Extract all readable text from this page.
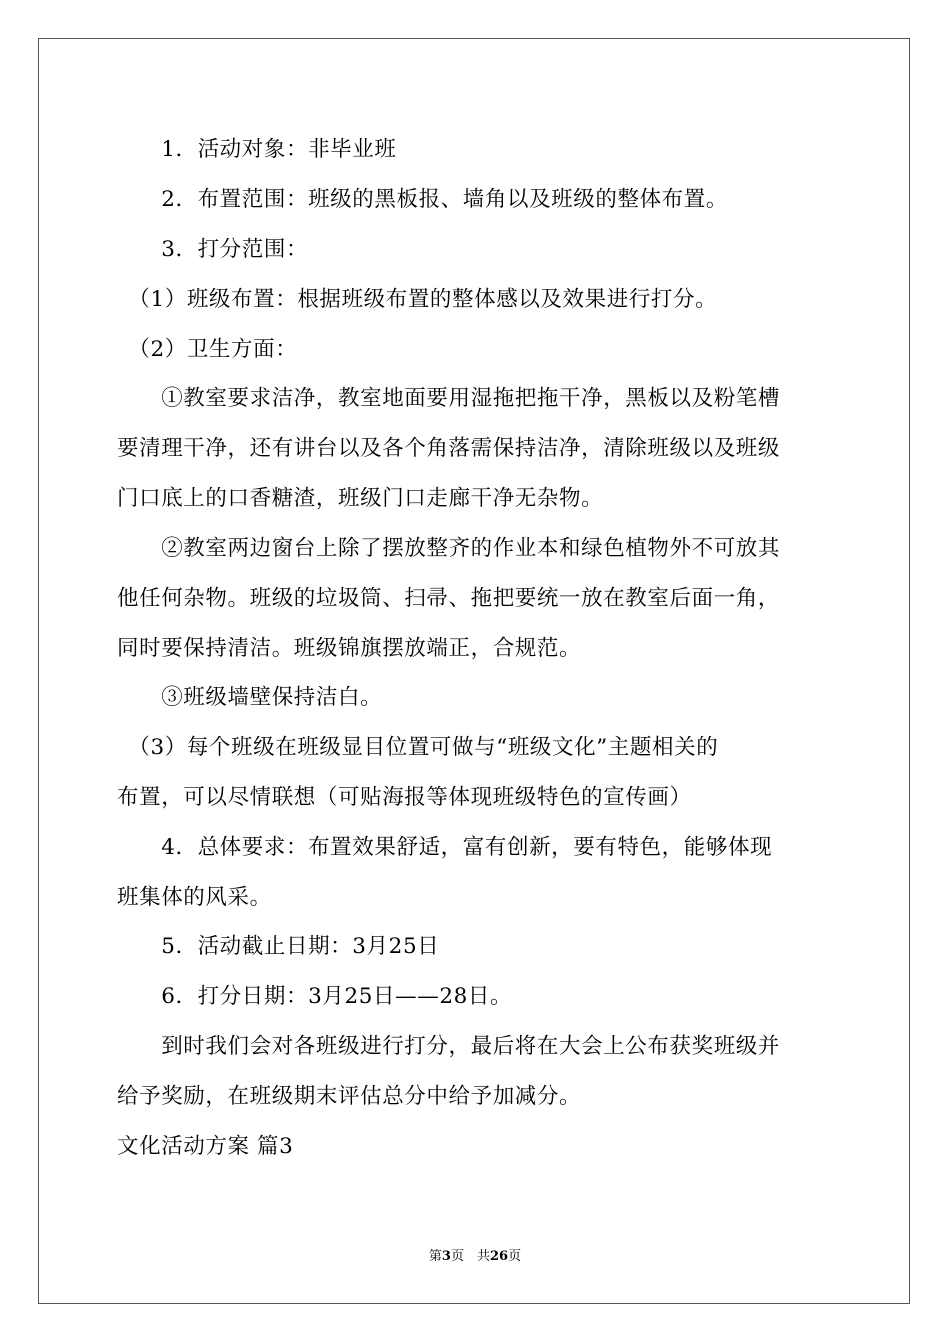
　　1．活动对象：非毕业班
　　2．布置范围：班级的黑板报、墙角以及班级的整体布置。
　　3．打分范围：
　（1）班级布置：根据班级布置的整体感以及效果进行打分。
　（2）卫生方面：
　　①教室要求洁净，教室地面要用湿拖把拖干净，黑板以及粉笔槽
要清理干净，还有讲台以及各个角落需保持洁净，清除班级以及班级
门口底上的口香糖渣，班级门口走廊干净无杂物。
　　②教室两边窗台上除了摆放整齐的作业本和绿色植物外不可放其
他任何杂物。班级的垃圾筒、扫帚、拖把要统一放在教室后面一角，
同时要保持清洁。班级锦旗摆放端正，合规范。
　　③班级墙壁保持洁白。
　（3）每个班级在班级显目位置可做与“班级文化”主题相关的
布置，可以尽情联想（可贴海报等体现班级特色的宣传画）
　　4．总体要求：布置效果舒适，富有创新，要有特色，能够体现
班集体的风采。
　　5．活动截止日期：3月25日
　　6．打分日期：3月25日——28日。
　　到时我们会对各班级进行打分，最后将在大会上公布获奖班级并
给予奖励，在班级期末评估总分中给予加减分。
文化活动方案 篇3
第3页　共26页
